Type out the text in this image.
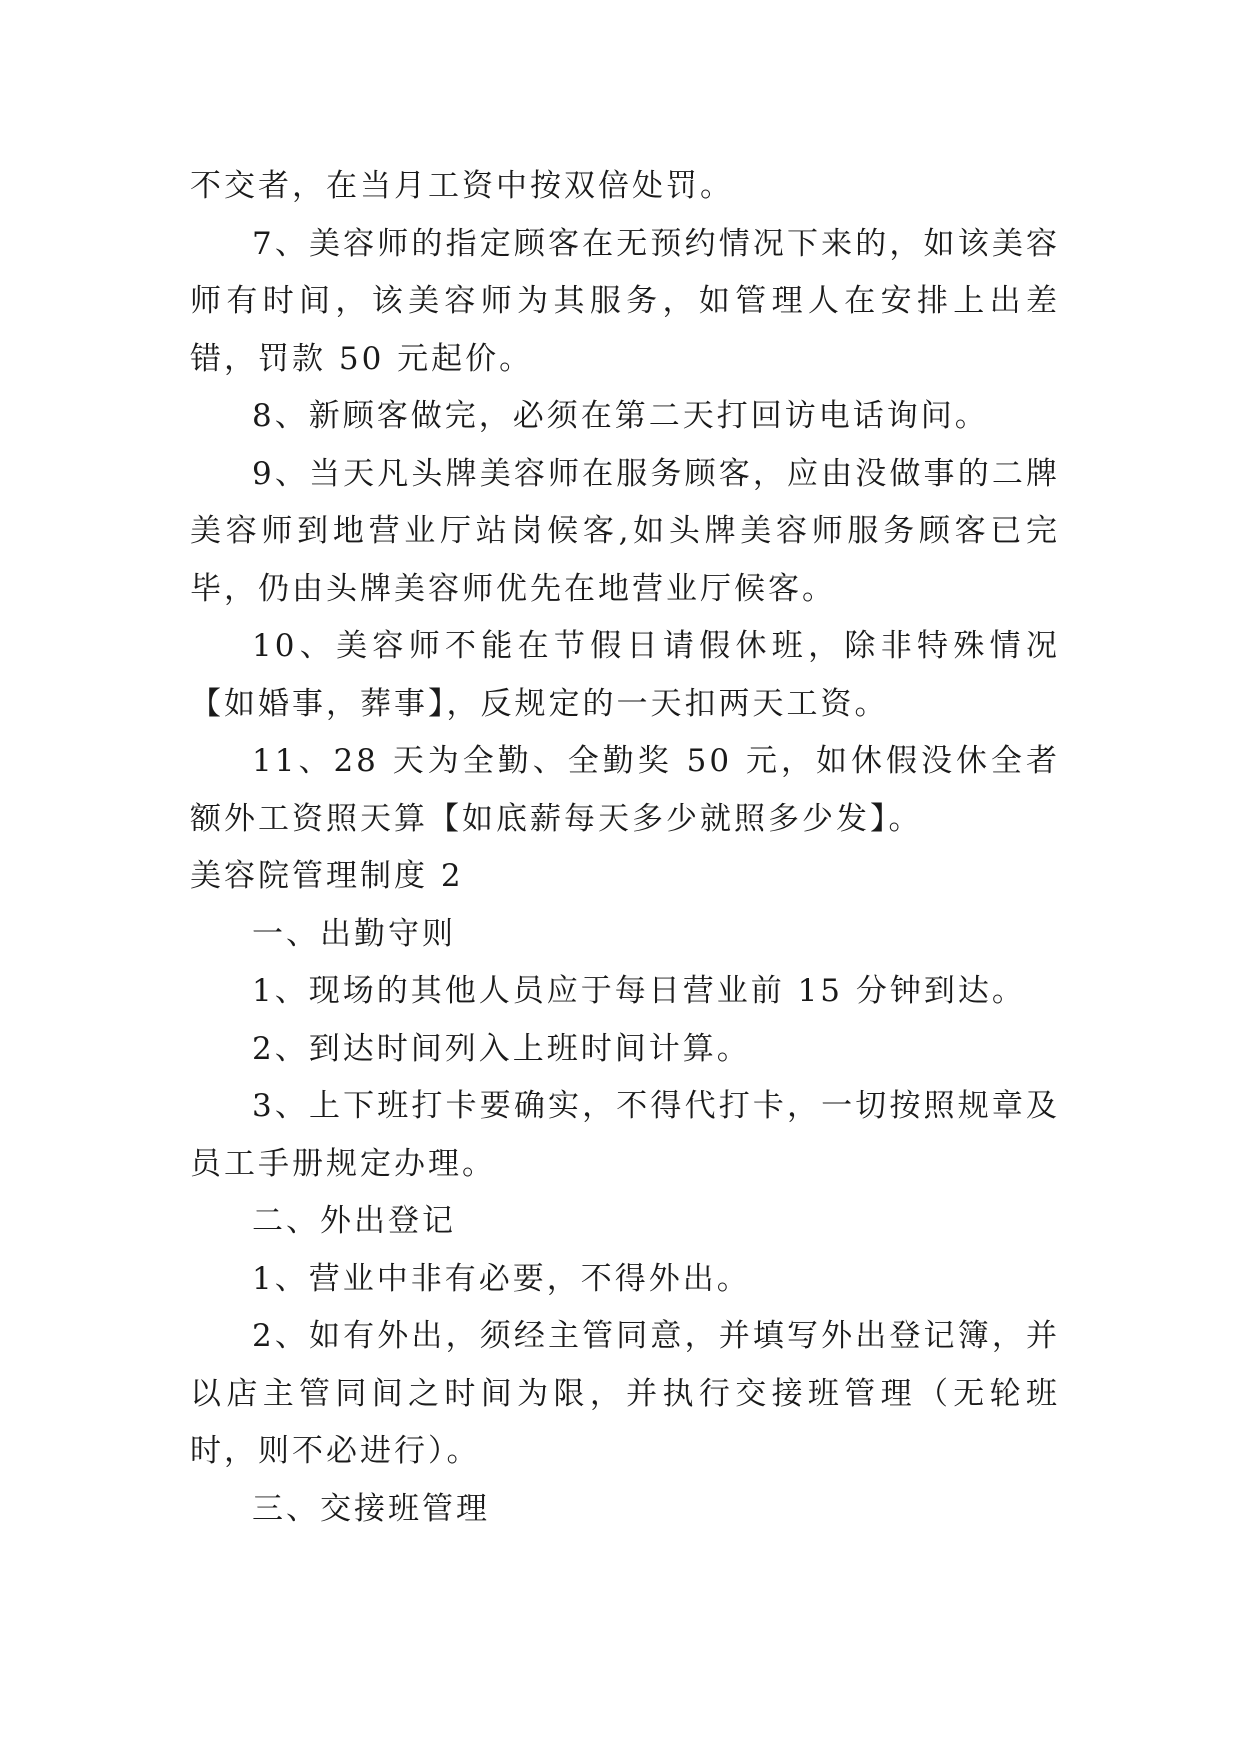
不交者，在当月工资中按双倍处罚。

7、美容师的指定顾客在无预约情况下来的，如该美容师有时间，该美容师为其服务，如管理人在安排上出差错，罚款 50 元起价。

8、新顾客做完，必须在第二天打回访电话询问。

9、当天凡头牌美容师在服务顾客，应由没做事的二牌美容师到地营业厅站岗候客,如头牌美容师服务顾客已完毕，仍由头牌美容师优先在地营业厅候客。

10、美容师不能在节假日请假休班，除非特殊情况【如婚事，葬事】，反规定的一天扣两天工资。

11、28 天为全勤、全勤奖 50 元，如休假没休全者额外工资照天算【如底薪每天多少就照多少发】。

美容院管理制度 2

一、出勤守则

1、现场的其他人员应于每日营业前 15 分钟到达。

2、到达时间列入上班时间计算。

3、上下班打卡要确实，不得代打卡，一切按照规章及员工手册规定办理。

二、外出登记

1、营业中非有必要，不得外出。

2、如有外出，须经主管同意，并填写外出登记簿，并以店主管同间之时间为限，并执行交接班管理（无轮班时，则不必进行）。

三、交接班管理
